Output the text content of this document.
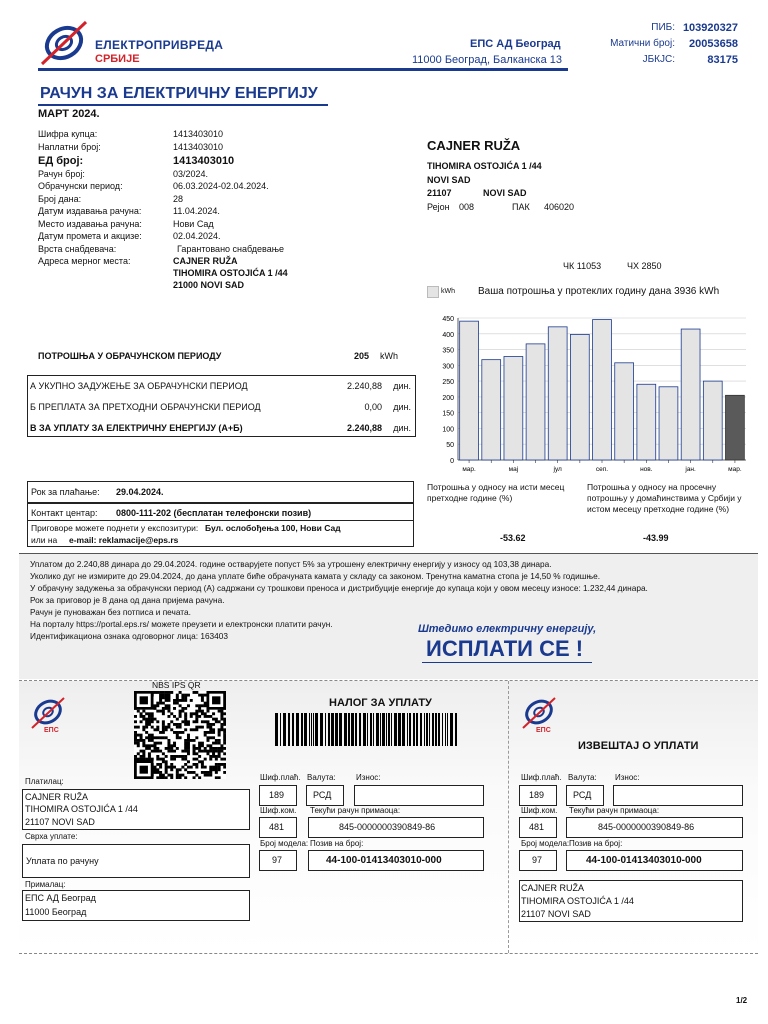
ЕЛЕКТРОПРИВРЕДА
СРБИЈЕ
ЕПС АД Београд
11000 Београд, Балканска 13
ПИБ: 103920327
Матични број: 20053658
ЈБКЈС:	83175
РАЧУН ЗА ЕЛЕКТРИЧНУ ЕНЕРГИЈУ
МАРТ 2024.
Шифра купца:	1413403010
Наплатни број:	1413403010
ЕД број:	1413403010
Рачун број:	03/2024.
Обрачунски период:	06.03.2024-02.04.2024.
Број дана:	28
Датум издавања рачуна:	11.04.2024.
Место издавања рачуна:	Нови Сад
Датум промета и акцизе:	02.04.2024.
Врста снабдевача:	Гарантовано снабдевање
Адреса мерног места:	CAJNER RUŽA
TIHOMIRA OSTOJIĆA 1 /44
21000 NOVI SAD
CAJNER RUŽA
TIHOMIRA OSTOJIĆA 1 /44
NOVI SAD
21107	NOVI SAD
Рејон 008	ПАК 406020
ЧК 11053	ЧХ 2850
kWh Ваша потрошња у протеклих годину дана 3936 kWh
0
50
100
150
200
250
300
350
400
450
мар.	мај	јул	сеп.	нов.	јан.	мар.
Потрошња у односу на исти месец претходне године (%)
Потрошња у односу на просечну потрошњу у домаћинствима у Србији у истом месецу претходне године (%)
-53.62	-43.99
ПОТРОШЊА У ОБРАЧУНСКОМ ПЕРИОДУ	205 kWh
А УКУПНО ЗАДУЖЕЊЕ ЗА ОБРАЧУНСКИ ПЕРИОД	2.240,88 дин.
Б ПРЕПЛАТА ЗА ПРЕТХОДНИ ОБРАЧУНСКИ ПЕРИОД	0,00 дин.
В ЗА УПЛАТУ ЗА ЕЛЕКТРИЧНУ ЕНЕРГИЈУ (А+Б)	2.240,88 дин.
Рок за плаћање: 29.04.2024.
Контакт центар: 0800-111-202 (бесплатан телефонски позив)
Приговоре можете поднети у експозитури: Бул. ослобођења 100, Нови Сад
или на e-mail: reklamacije@eps.rs
Уплатом до 2.240,88 динара до 29.04.2024. године остварујете попуст 5% за утрошену електричну енергију у износу од 103,38 динара.
Уколико дуг не измирите до 29.04.2024, до дана уплате биће обрачуната камата у складу са законом. Тренутна каматна стопа је 14,50 % годишње.
У обрачуну задужења за обрачунски период (А) садржани су трошкови преноса и дистрибуције енергије до купаца који у овом месецу износе: 1.232,44 динара.
Рок за приговор је 8 дана од дана пријема рачуна.
Рачун је пуноважан без потписа и печата.
На порталу https://portal.eps.rs/ можете преузети и електронски платити рачун.
Идентификациона ознака одговорног лица: 163403
Штедимо електричну енергију,
ИСПЛАТИ СЕ !
ЕПС
NBS IPS QR
НАЛОГ ЗА УПЛАТУ
ЕПС
ИЗВЕШТАЈ О УПЛАТИ
Платилац:
CAJNER RUŽA
TIHOMIRA OSTOJIĆA 1 /44
21107 NOVI SAD
Сврха уплате:
Уплата по рачуну
Прималац:
ЕПС АД Београд
11000 Београд
Шиф.плаћ.
189
Валута:
РСД
Износ:
Шиф.ком.
481
Текући рачун примаоца:
845-0000000390849-86
Број модела:
97
Позив на број:
44-100-01413403010-000
Шиф.плаћ.
189
Валута:
РСД
Износ:
Шиф.ком.
481
Текући рачун примаоца:
845-0000000390849-86
Број модела:
97
Позив на број:
44-100-01413403010-000
CAJNER RUŽA
TIHOMIRA OSTOJIĆA 1 /44
21107 NOVI SAD
1/2
